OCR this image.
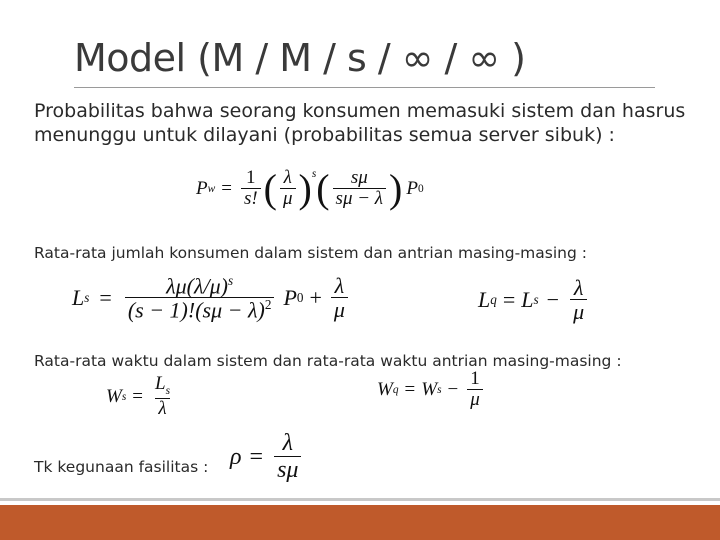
Model (M / M / s / ∞ / ∞ )
Probabilitas bahwa seorang konsumen memasuki sistem dan hasrus menunggu untuk dilayani (probabilitas semua server sibuk) :
P $w = \frac{1}{s!}$ ( $\frac{\lambda}{\mu} )^s$ ( $\frac{s\mu}{s\mu - \lambda}$ ) P 0
Rata-rata jumlah konsumen dalam sistem dan antrian masing-masing :
L $s = \frac{\lambda\mu(\lambda/\mu)^s}{(s - 1)!(s\mu - \lambda)^2}$ P $0 + \frac{\lambda}{\mu}$	L q = L $s - \frac{\lambda}{\mu}$
Rata-rata waktu dalam sistem dan rata-rata waktu antrian masing-masing :
W $s = \frac{L_s}{\lambda}$	W q = W $s - \frac{1}{\mu}$
Tk kegunaan fasilitas : $\rho = \frac{\lambda}{s\mu}$
